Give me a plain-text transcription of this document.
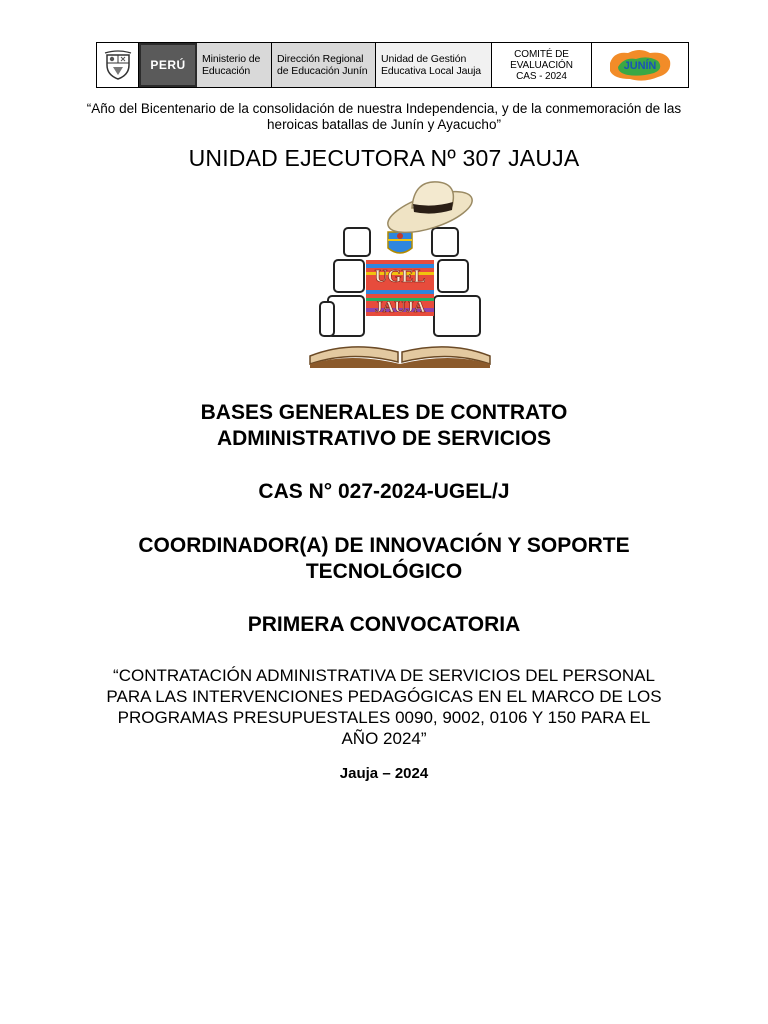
PERÚ	Ministerio de
Educación
Dirección Regional
de Educación Junín
Unidad de Gestión
Educativa Local Jauja
COMITÉ DE
EVALUACIÓN
CAS - 2024
JUNÍN
“Año del Bicentenario de la consolidación de nuestra Independencia, y de la conmemoración de las heroicas batallas de Junín y Ayacucho”
UNIDAD EJECUTORA Nº 307 JAUJA
UGEL
JAUJA
BASES GENERALES DE CONTRATO
ADMINISTRATIVO DE SERVICIOS
CAS N° 027-2024-UGEL/J
COORDINADOR(A) DE INNOVACIÓN Y SOPORTE
TECNOLÓGICO
PRIMERA CONVOCATORIA
“CONTRATACIÓN ADMINISTRATIVA DE SERVICIOS DEL PERSONAL PARA LAS INTERVENCIONES PEDAGÓGICAS EN EL MARCO DE LOS PROGRAMAS PRESUPUESTALES 0090, 9002, 0106 Y 150 PARA EL AÑO 2024”
Jauja – 2024
